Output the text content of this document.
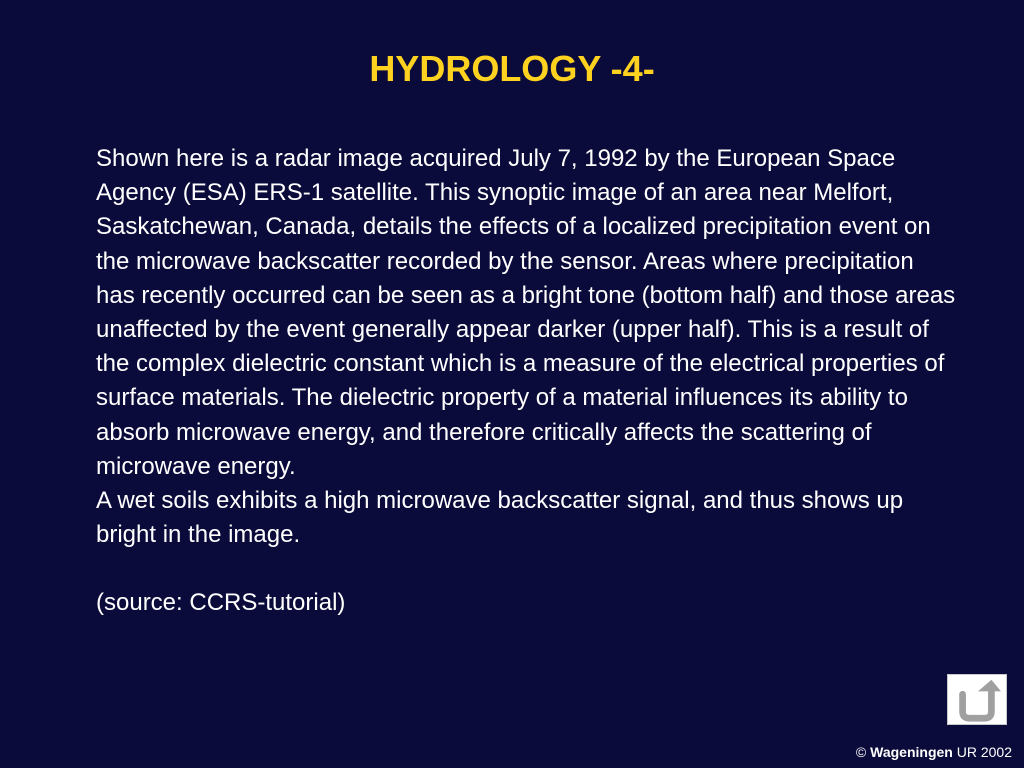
HYDROLOGY -4-

Shown here is a radar image acquired July 7, 1992 by the European Space Agency (ESA) ERS-1 satellite. This synoptic image of an area near Melfort, Saskatchewan, Canada, details the effects of a localized precipitation event on the microwave backscatter recorded by the sensor. Areas where precipitation has recently occurred can be seen as a bright tone (bottom half) and those areas unaffected by the event generally appear darker (upper half). This is a result of the complex dielectric constant which is a measure of the electrical properties of surface materials. The dielectric property of a material influences its ability to absorb microwave energy, and therefore critically affects the scattering of microwave energy.

A wet soils exhibits a high microwave backscatter signal, and thus shows up bright in the image.

(source: CCRS-tutorial)

© Wageningen UR 2002
